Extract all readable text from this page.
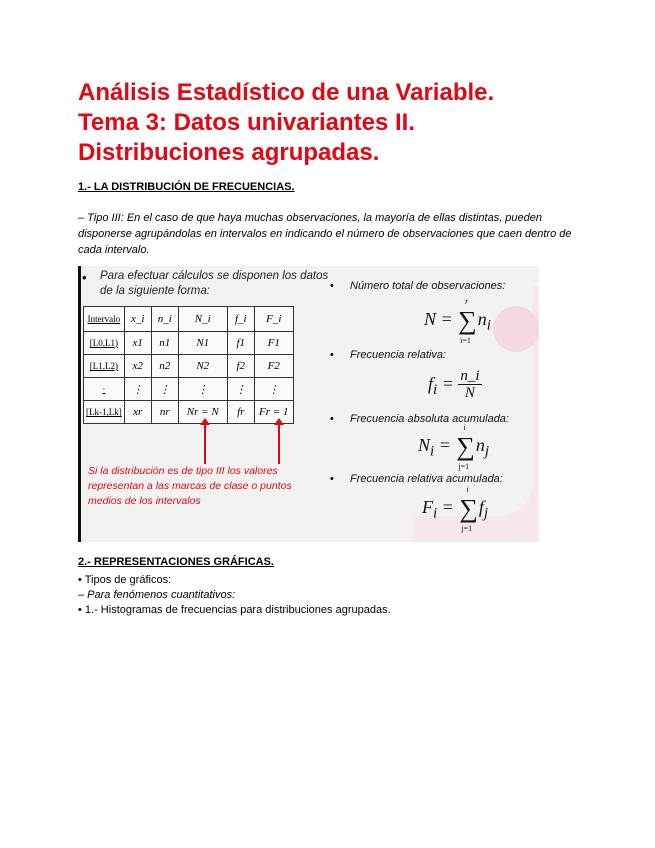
Análisis Estadístico de una Variable.
Tema 3: Datos univariantes II.
Distribuciones agrupadas.
1.- LA DISTRIBUCIÓN DE FRECUENCIAS.
– Tipo III: En el caso de que haya muchas observaciones, la mayoría de ellas distintas, pueden disponerse agrupándolas en intervalos en indicando el número de observaciones que caen dentro de cada intervalo.
• Para efectuar cálculos se disponen los datos de la siguiente forma:
Intervalo	x_i	n_i	N_i	f_i	F_i
[L0,L1)	x1	n1	N1	f1	F1
[L1,L2)	x2	n2	N2	f2	F2
·	⋮	⋮	⋮	⋮	⋮
[Lk-1,Lk]	xr	nr	Nr = N	fr	Fr = 1
Si la distribución es de tipo III los valores representan a las marcas de clase o puntos medios de los intervalos
• Número total de observaciones:
N = ∑
r
i=1
$n_i$
• Frecuencia relativa:
$f_i = \frac{n\_i}{N}$
• Frecuencia absoluta acumulada:
$N_i$ = ∑
i
j=1
$n_j$
• Frecuencia relativa acumulada:
$F_i$ = ∑
i
j=1
$f_j$
2.- REPRESENTACIONES GRÁFICAS.
• Tipos de gráficos:
– Para fenómenos cuantitativos:
• 1.- Histogramas de frecuencias para distribuciones agrupadas.
